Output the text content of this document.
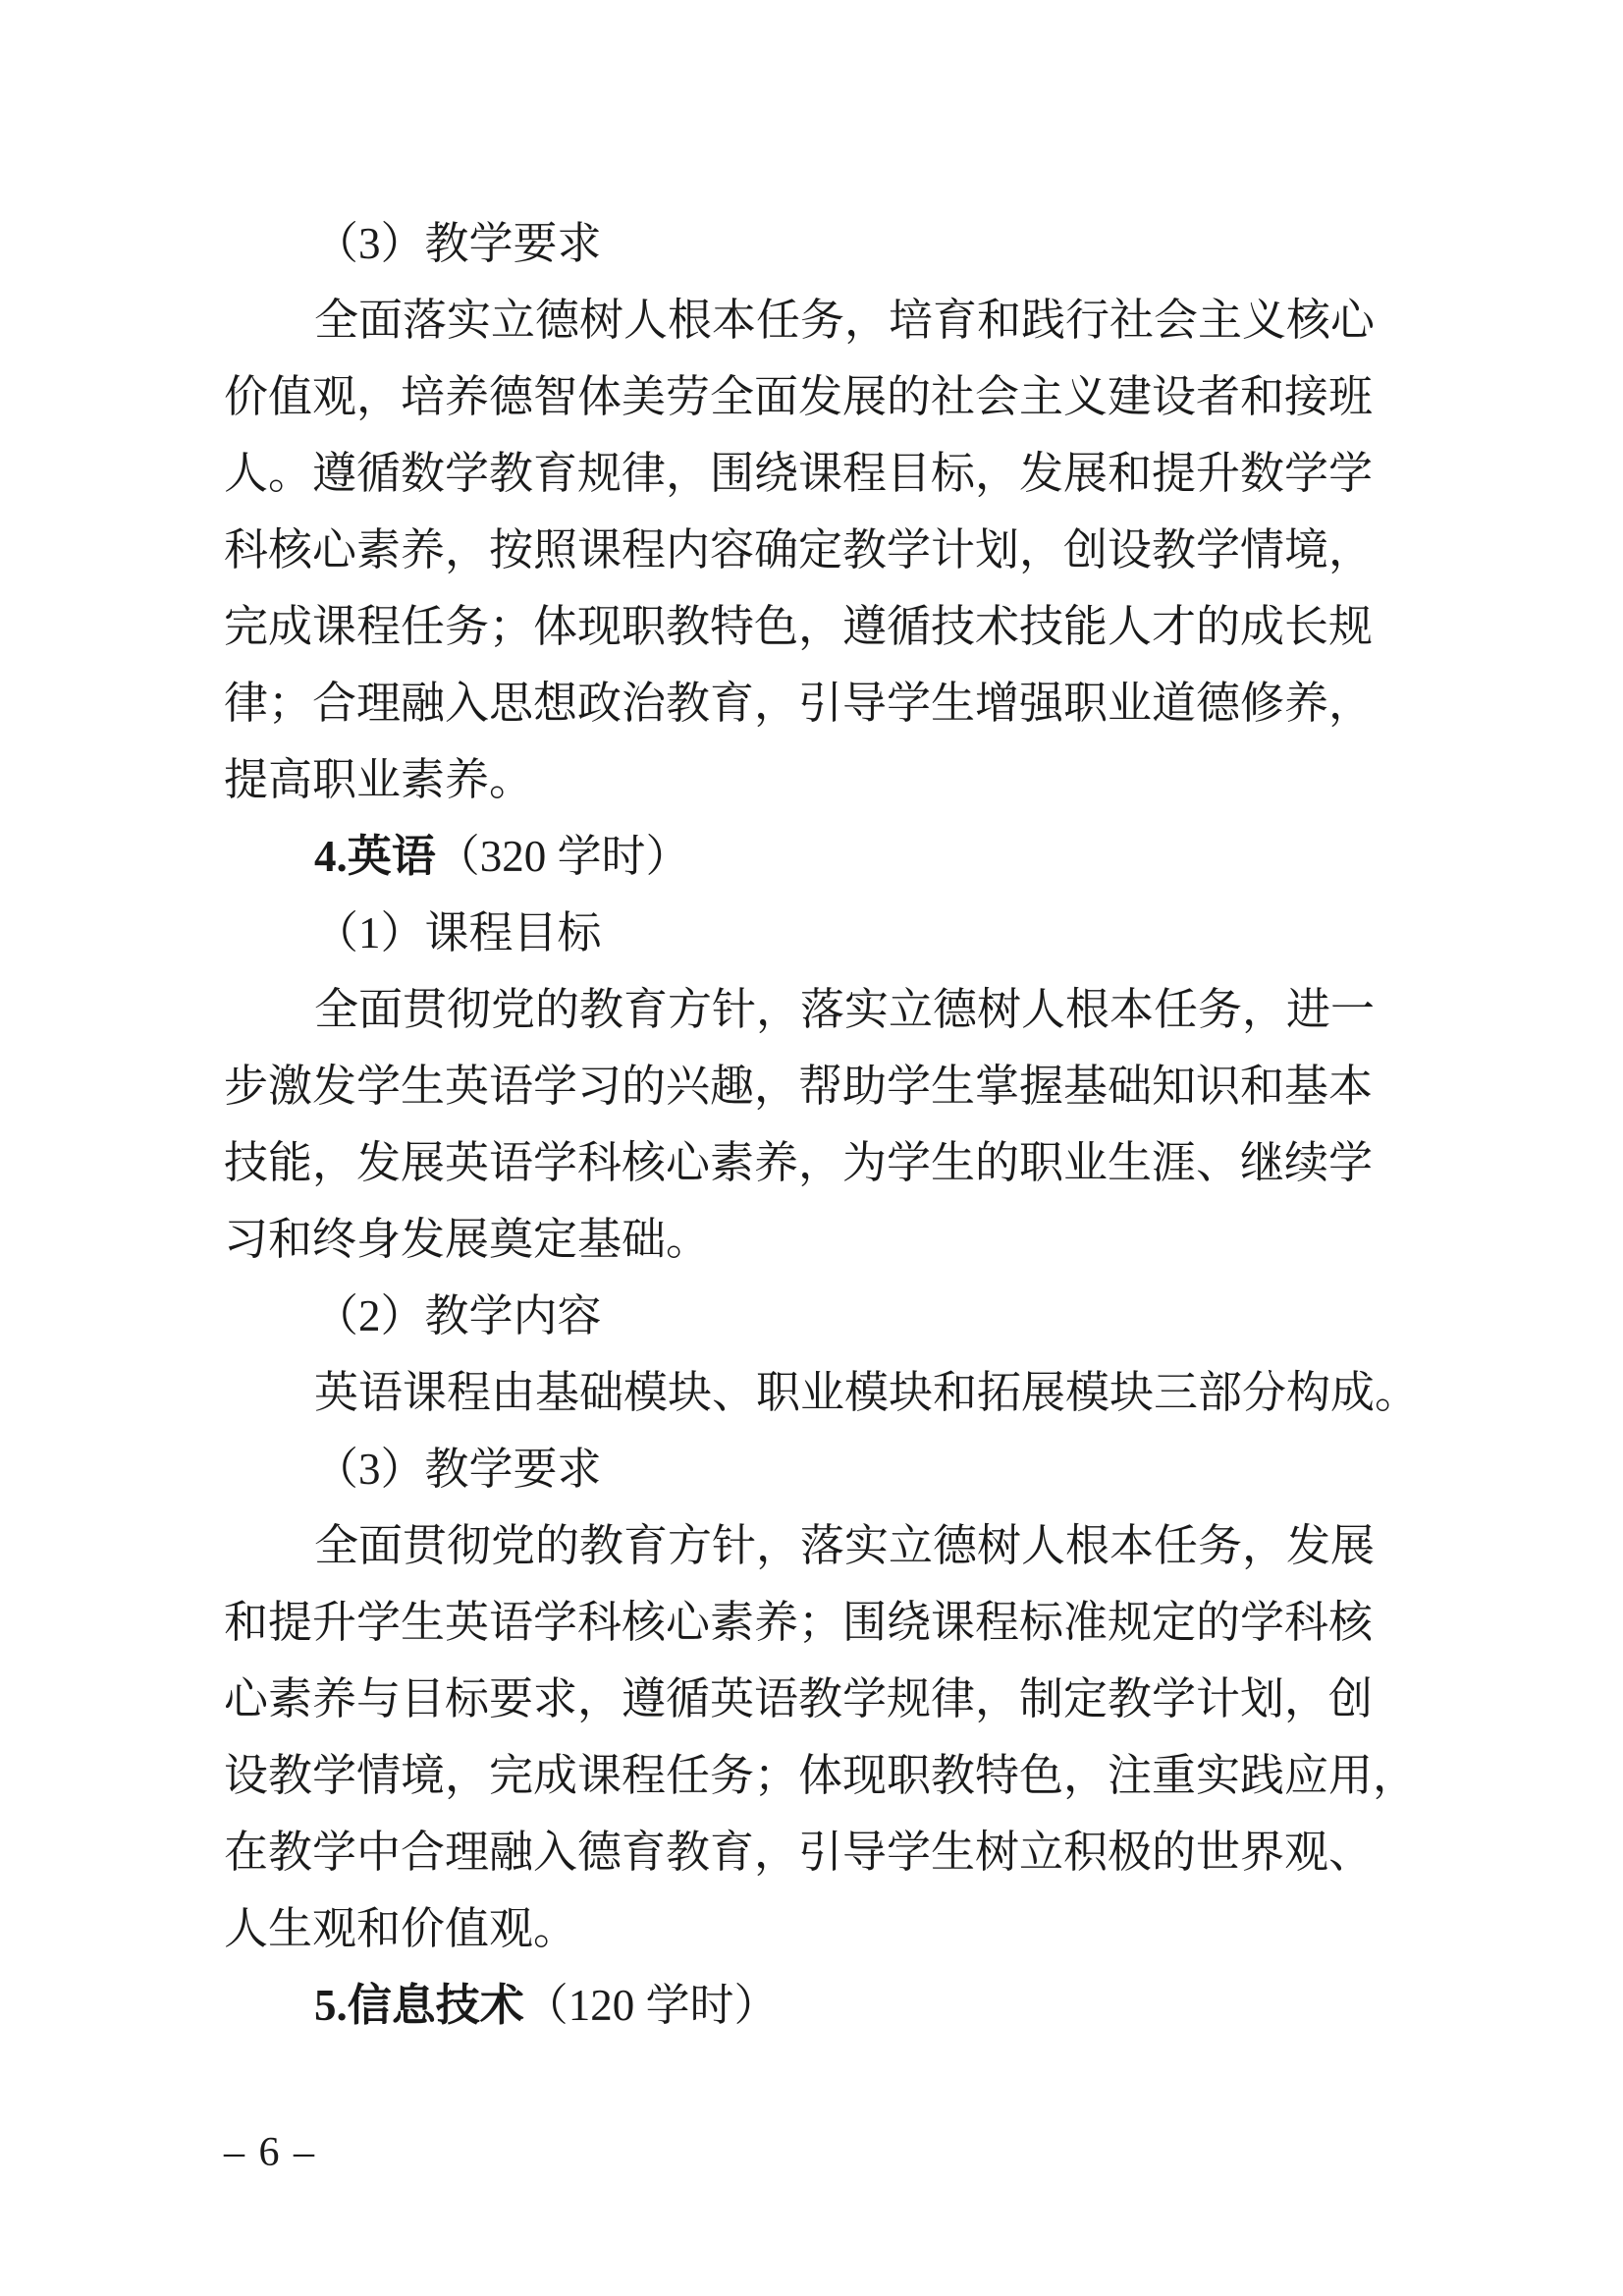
（3）教学要求
全面落实立德树人根本任务，培育和践行社会主义核心
价值观，培养德智体美劳全面发展的社会主义建设者和接班
人。遵循数学教育规律，围绕课程目标，发展和提升数学学
科核心素养，按照课程内容确定教学计划，创设教学情境，
完成课程任务；体现职教特色，遵循技术技能人才的成长规
律；合理融入思想政治教育，引导学生增强职业道德修养，
提高职业素养。
4.英语（320 学时）
（1）课程目标
全面贯彻党的教育方针，落实立德树人根本任务，进一
步激发学生英语学习的兴趣，帮助学生掌握基础知识和基本
技能，发展英语学科核心素养，为学生的职业生涯、继续学
习和终身发展奠定基础。
（2）教学内容
英语课程由基础模块、职业模块和拓展模块三部分构成。
（3）教学要求
全面贯彻党的教育方针，落实立德树人根本任务，发展
和提升学生英语学科核心素养；围绕课程标准规定的学科核
心素养与目标要求，遵循英语教学规律，制定教学计划，创
设教学情境，完成课程任务；体现职教特色，注重实践应用，
在教学中合理融入德育教育，引导学生树立积极的世界观、
人生观和价值观。
5.信息技术（120 学时）
– 6 –
